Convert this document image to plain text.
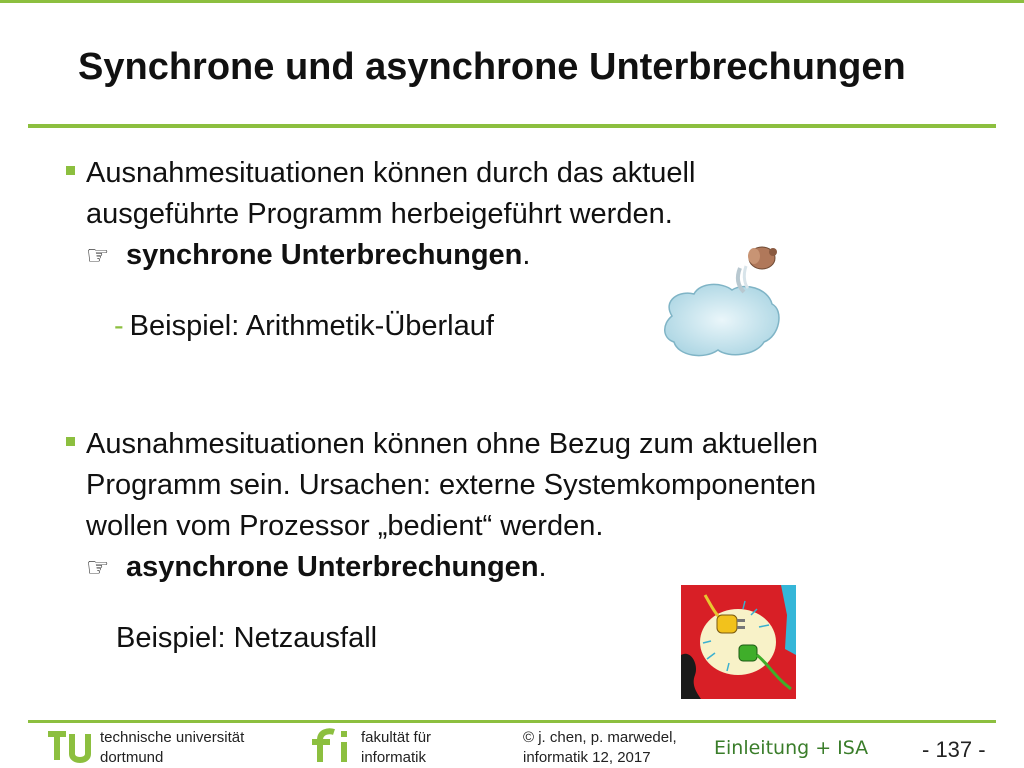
Synchrone und asynchrone Unterbrechungen
Ausnahmesituationen können durch das aktuell
ausgeführte Programm herbeigeführt werden.
☞ synchrone Unterbrechungen.
- Beispiel: Arithmetik-Überlauf
Ausnahmesituationen können ohne Bezug zum aktuellen
Programm sein. Ursachen: externe Systemkomponenten
wollen vom Prozessor „bedient“ werden.
☞ asynchrone Unterbrechungen.
Beispiel: Netzausfall
technische universität
dortmund
fakultät für
informatik
© j. chen, p. marwedel,
informatik 12, 2017	Einleitung + ISA - 137 -
